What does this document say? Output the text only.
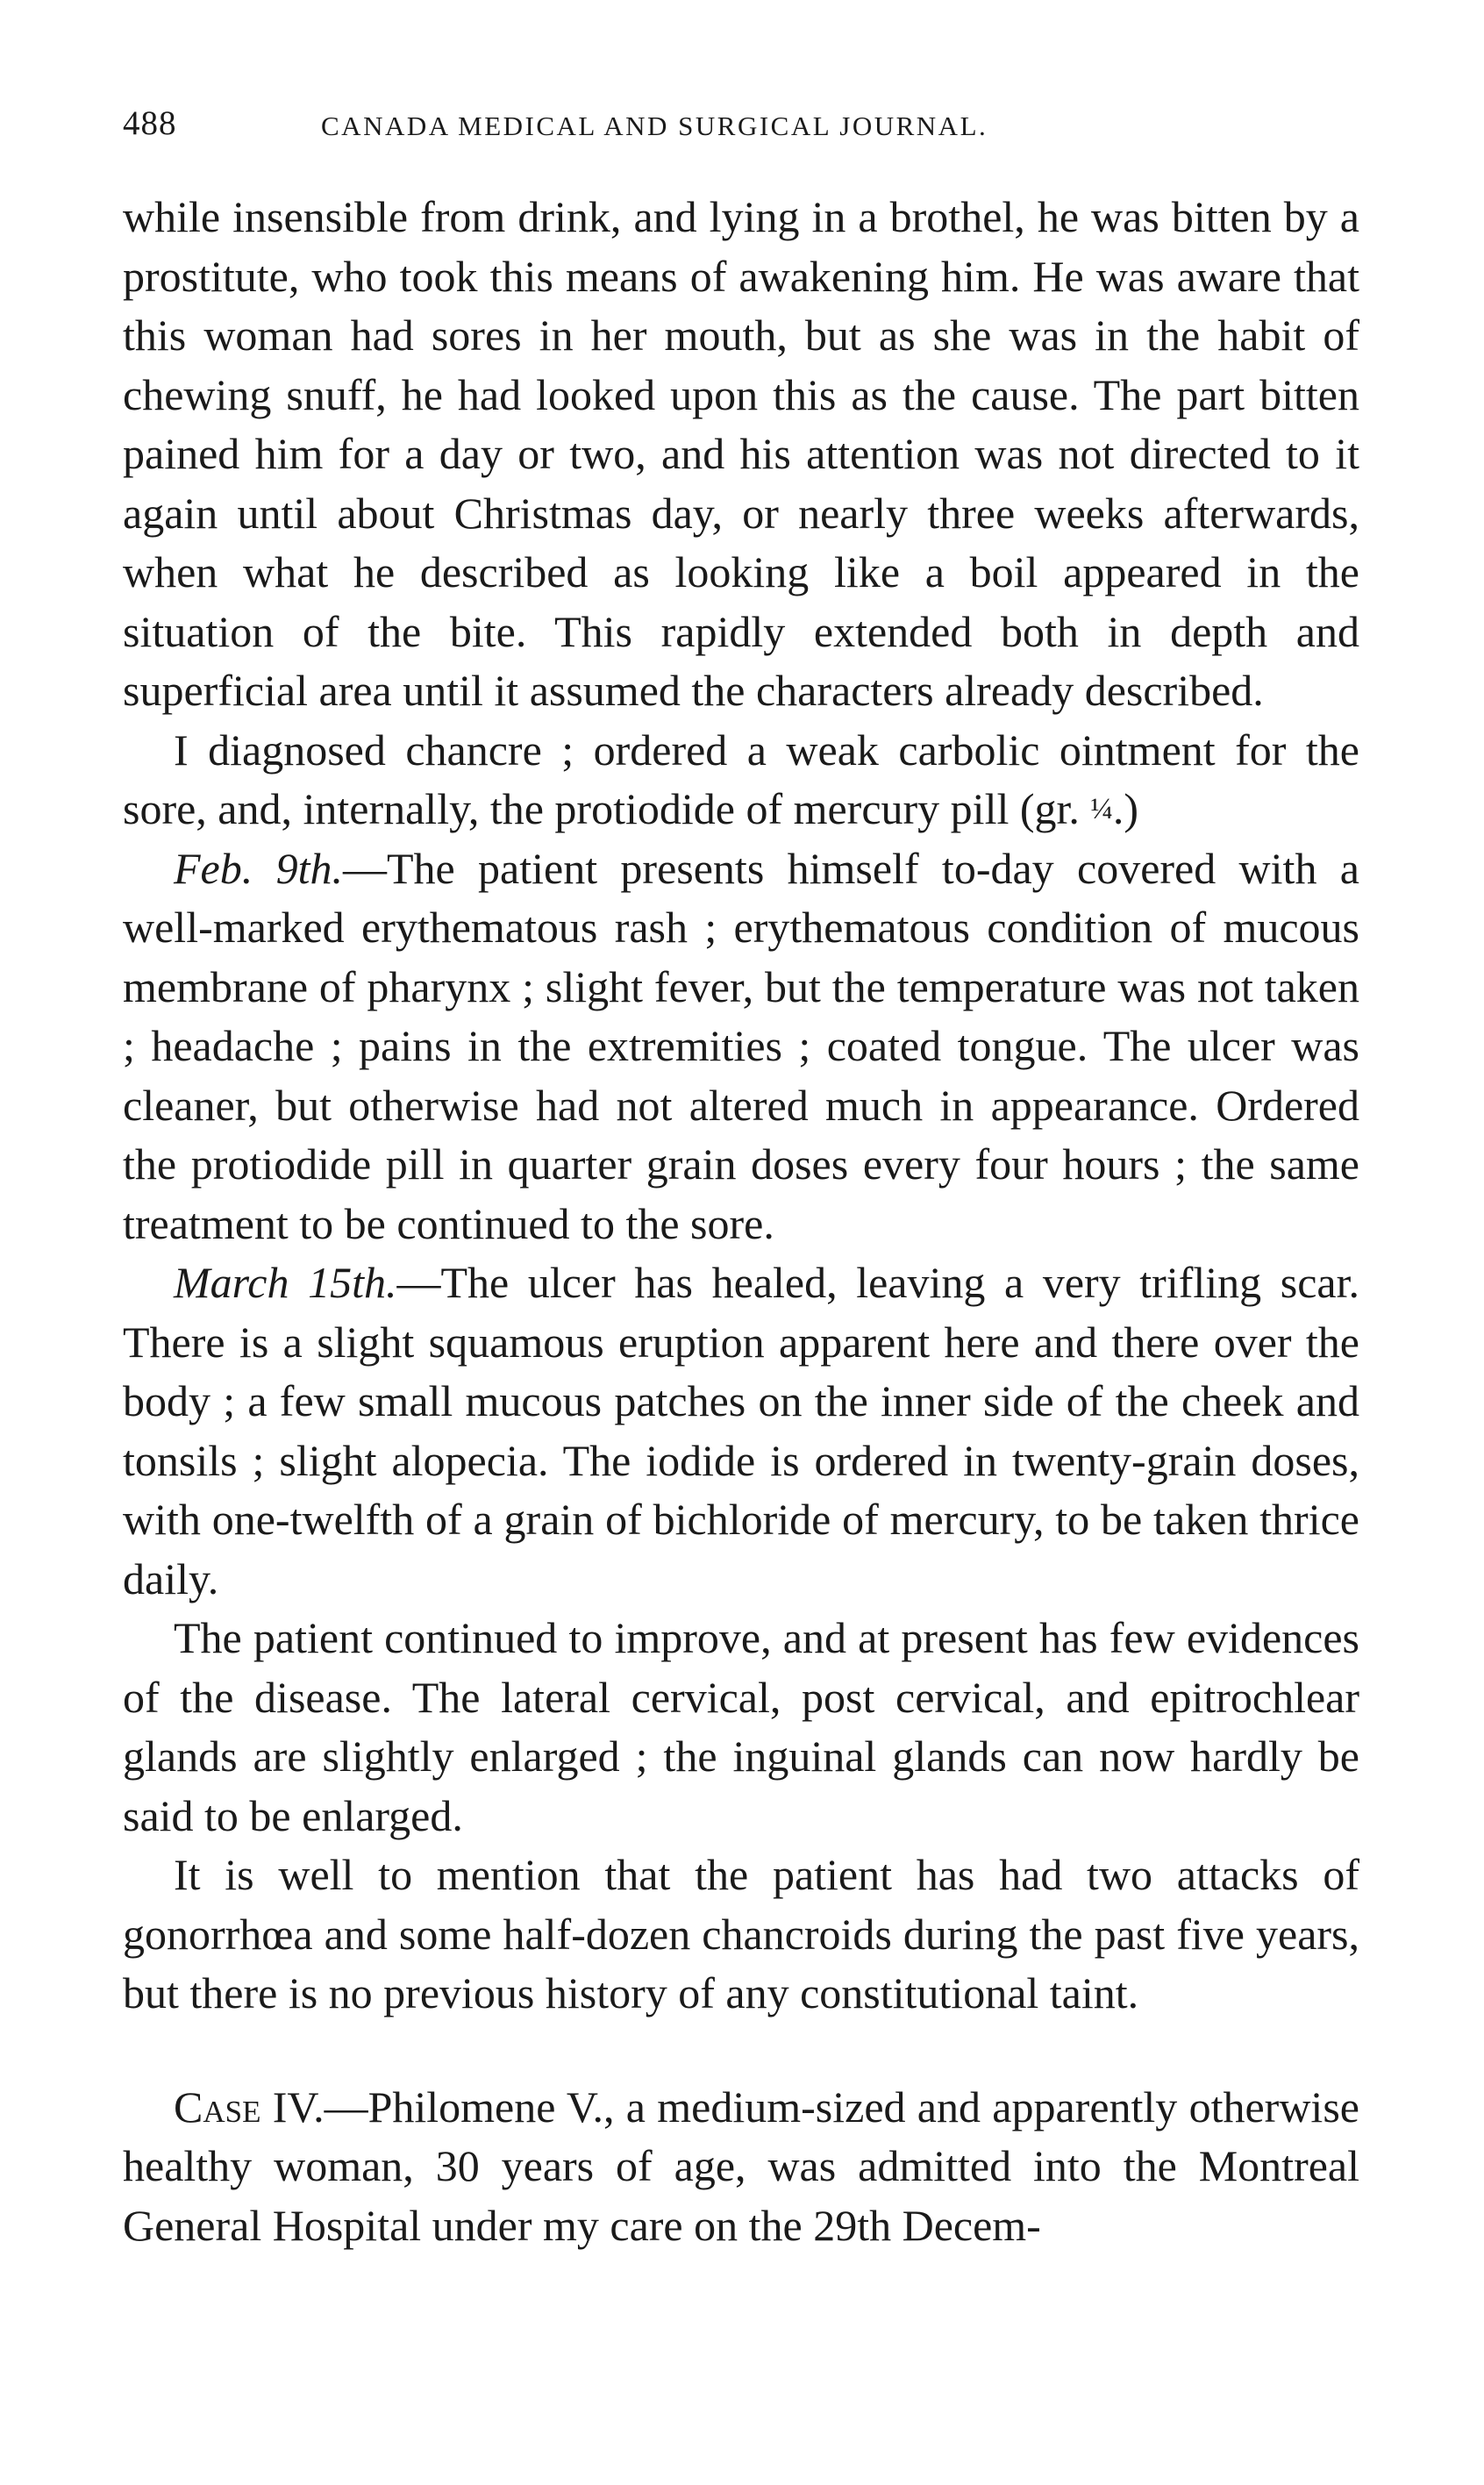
488	CANADA MEDICAL AND SURGICAL JOURNAL.

while insensible from drink, and lying in a brothel, he was bitten by a prostitute, who took this means of awakening him. He was aware that this woman had sores in her mouth, but as she was in the habit of chewing snuff, he had looked upon this as the cause. The part bitten pained him for a day or two, and his attention was not directed to it again until about Christmas day, or nearly three weeks afterwards, when what he described as looking like a boil appeared in the situation of the bite. This rapidly extended both in depth and superficial area until it assumed the characters already described.

I diagnosed chancre ; ordered a weak carbolic ointment for the sore, and, internally, the protiodide of mercury pill (gr. ¼.)

Feb. 9th.—The patient presents himself to-day covered with a well-marked erythematous rash ; erythematous condition of mucous membrane of pharynx ; slight fever, but the temperature was not taken ; headache ; pains in the extremities ; coated tongue. The ulcer was cleaner, but otherwise had not altered much in appearance. Ordered the protiodide pill in quarter grain doses every four hours ; the same treatment to be continued to the sore.

March 15th.—The ulcer has healed, leaving a very trifling scar. There is a slight squamous eruption apparent here and there over the body ; a few small mucous patches on the inner side of the cheek and tonsils ; slight alopecia. The iodide is ordered in twenty-grain doses, with one-twelfth of a grain of bichloride of mercury, to be taken thrice daily.

The patient continued to improve, and at present has few evidences of the disease. The lateral cervical, post cervical, and epitrochlear glands are slightly enlarged ; the inguinal glands can now hardly be said to be enlarged.

It is well to mention that the patient has had two attacks of gonorrhœa and some half-dozen chancroids during the past five years, but there is no previous history of any constitutional taint.

Case IV.—Philomene V., a medium-sized and apparently otherwise healthy woman, 30 years of age, was admitted into the Montreal General Hospital under my care on the 29th Decem-
